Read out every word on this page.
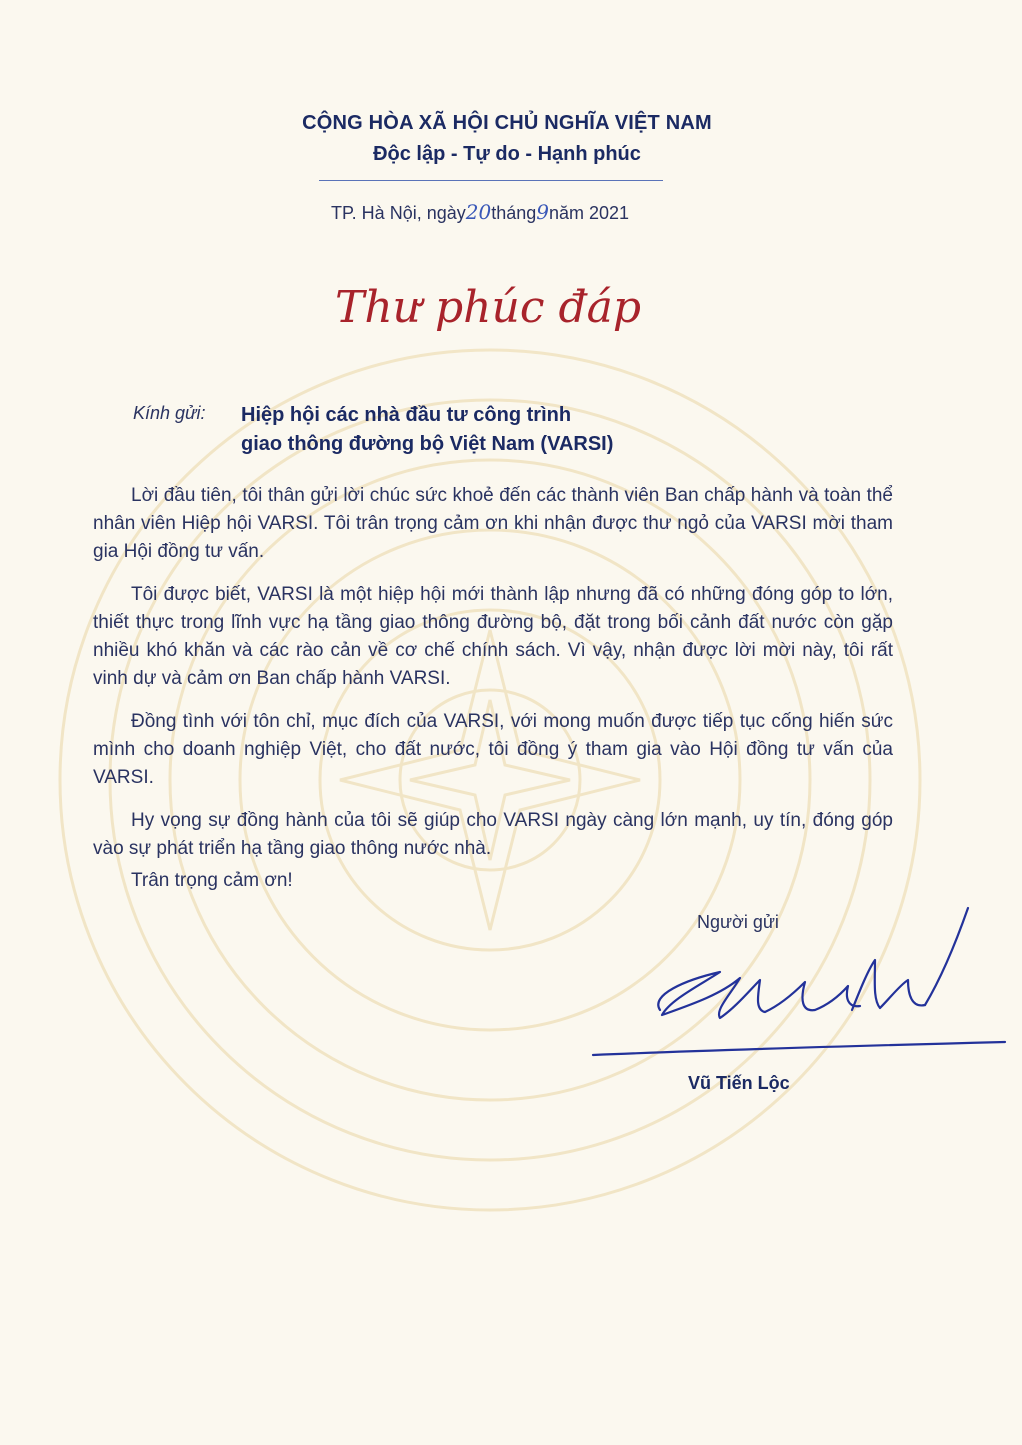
CỘNG HÒA XÃ HỘI CHỦ NGHĨA VIỆT NAM
Độc lập - Tự do - Hạnh phúc
TP. Hà Nội, ngày20tháng9năm 2021
Thư phúc đáp
Kính gửi: Hiệp hội các nhà đầu tư công trình
giao thông đường bộ Việt Nam (VARSI)

Lời đầu tiên, tôi thân gửi lời chúc sức khoẻ đến các thành viên Ban chấp hành và toàn thể nhân viên Hiệp hội VARSI. Tôi trân trọng cảm ơn khi nhận được thư ngỏ của VARSI mời tham gia Hội đồng tư vấn.

Tôi được biết, VARSI là một hiệp hội mới thành lập nhưng đã có những đóng góp to lớn, thiết thực trong lĩnh vực hạ tầng giao thông đường bộ, đặt trong bối cảnh đất nước còn gặp nhiều khó khăn và các rào cản về cơ chế chính sách. Vì vậy, nhận được lời mời này, tôi rất vinh dự và cảm ơn Ban chấp hành VARSI.

Đồng tình với tôn chỉ, mục đích của VARSI, với mong muốn được tiếp tục cống hiến sức mình cho doanh nghiệp Việt, cho đất nước, tôi đồng ý tham gia vào Hội đồng tư vấn của VARSI.

Hy vọng sự đồng hành của tôi sẽ giúp cho VARSI ngày càng lớn mạnh, uy tín, đóng góp vào sự phát triển hạ tầng giao thông nước nhà.

Trân trọng cảm ơn!
Người gửi
Vũ Tiến Lộc
